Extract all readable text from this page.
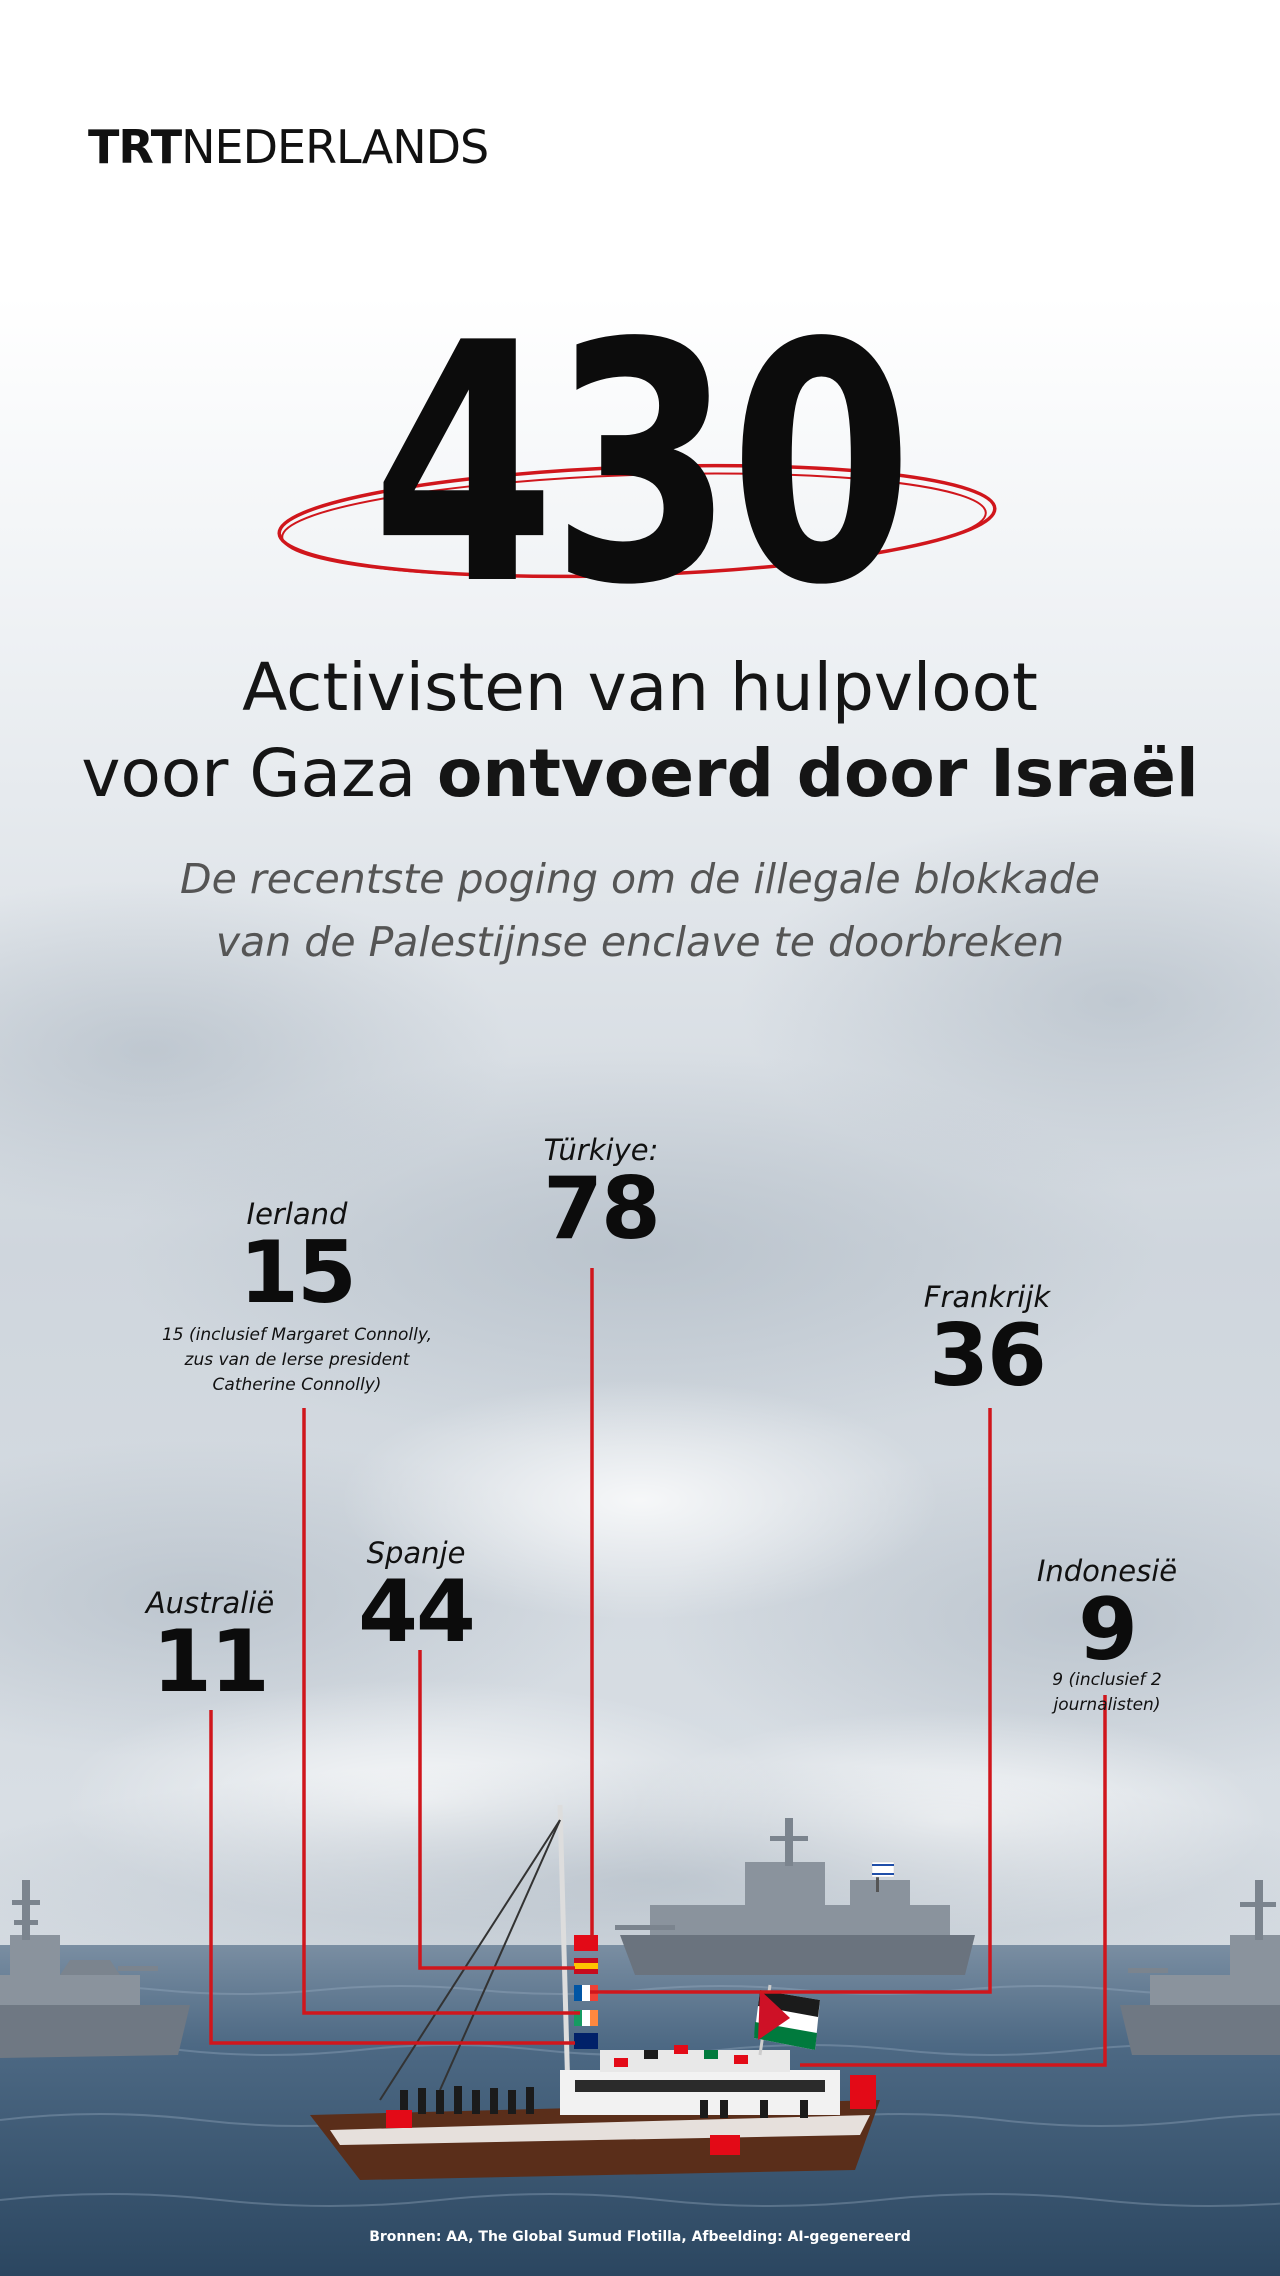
TRTNEDERLANDS
430
Activisten van hulpvloot
voor Gaza ontvoerd door Israël
De recentste poging om de illegale blokkade
van de Palestijnse enclave te doorbreken
Türkiye:
78
Ierland
15
15 (inclusief Margaret Connolly,
zus van de Ierse president
Catherine Connolly)
Frankrijk
36
Spanje
44
Australië
11
Indonesië
9
9 (inclusief 2 journalisten)
Bronnen: AA, The Global Sumud Flotilla, Afbeelding: AI-gegenereerd
